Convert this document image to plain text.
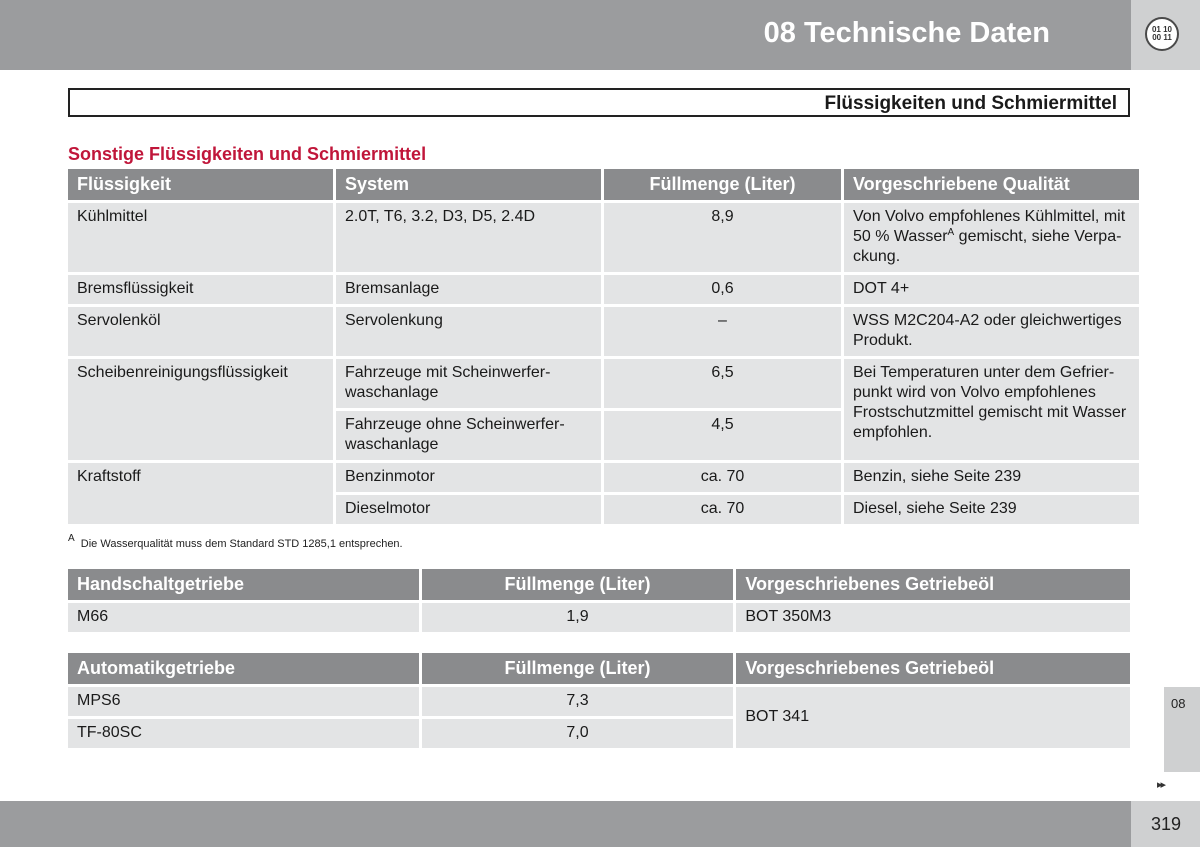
08 Technische Daten	01 10
00 11
Flüssigkeiten und Schmiermittel
Sonstige Flüssigkeiten und Schmiermittel
Flüssigkeit	System	Füllmenge (Liter)	Vorgeschriebene Qualität
Kühlmittel	2.0T, T6, 3.2, D3, D5, 2.4D	8,9	Von Volvo empfohlenes Kühlmittel, mit 50 % Wasser$^A$ gemischt, siehe Verpa-ckung.
Bremsflüssigkeit	Bremsanlage	0,6	DOT 4+
Servolenköl	Servolenkung	–	WSS M2C204-A2 oder gleichwertiges Produkt.
Scheibenreinigungsflüssigkeit	Fahrzeuge mit Scheinwerfer-waschanlage	6,5	Bei Temperaturen unter dem Gefrier-punkt wird von Volvo empfohlenes Frostschutzmittel gemischt mit Wasser empfohlen.
	Fahrzeuge ohne Scheinwerfer-waschanlage	4,5	
Kraftstoff	Benzinmotor	ca. 70	Benzin, siehe Seite 239
	Dieselmotor	ca. 70	Diesel, siehe Seite 239
$^A$ Die Wasserqualität muss dem Standard STD 1285,1 entsprechen.
Handschaltgetriebe	Füllmenge (Liter)	Vorgeschriebenes Getriebeöl
M66	1,9	BOT 350M3
Automatikgetriebe	Füllmenge (Liter)	Vorgeschriebenes Getriebeöl
MPS6	7,3	BOT 341
TF-80SC	7,0	
08
▸▸
319
